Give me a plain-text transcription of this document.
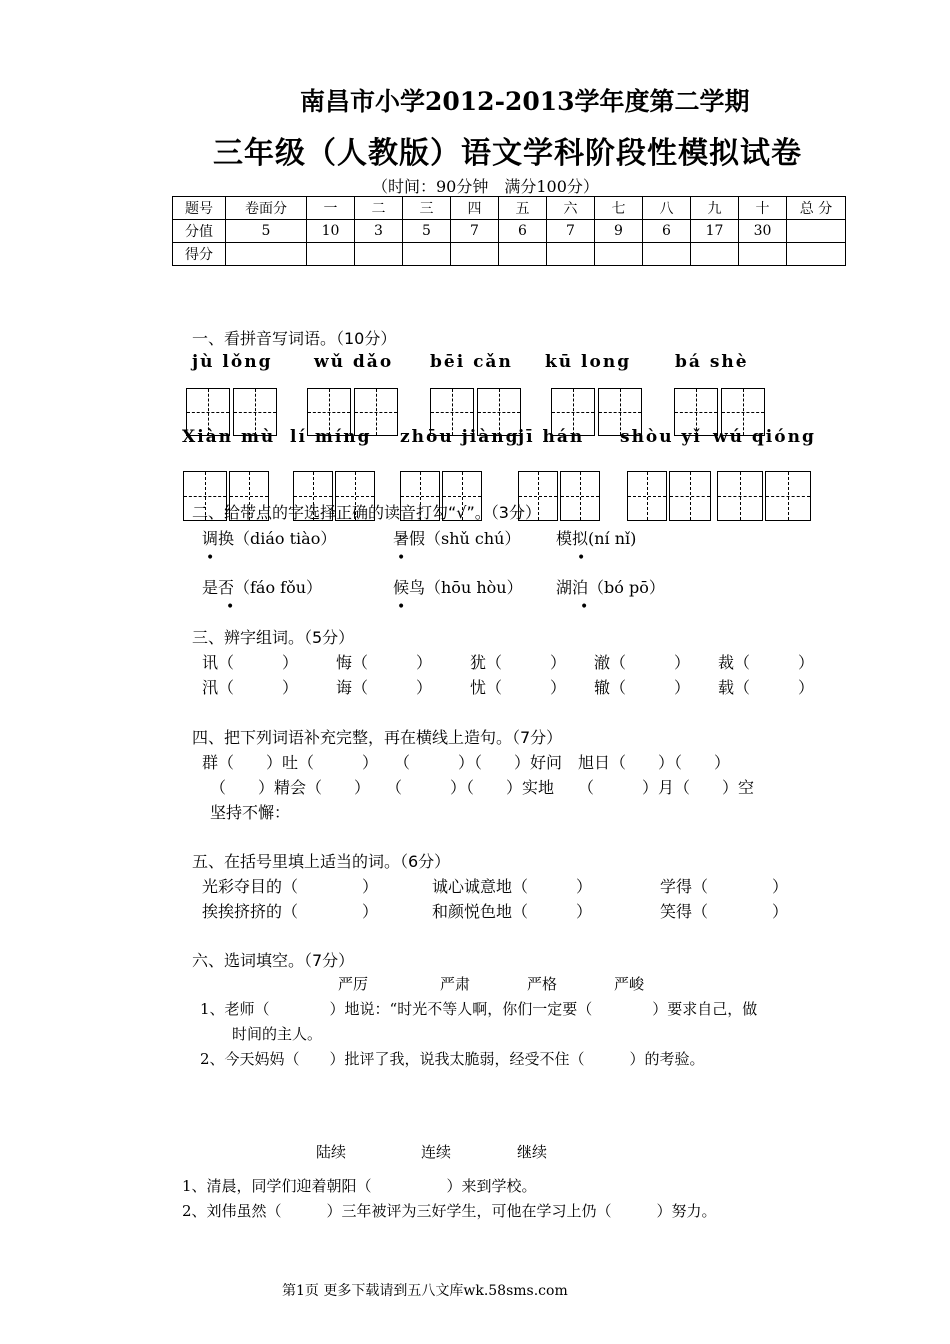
南昌市小学2012-2013学年度第二学期
三年级（人教版）语文学科阶段性模拟试卷
（时间：90分钟　满分100分）
题号	卷面分	一	二	三	四	五	六	七	八	九	十	总 分
分值	5	10	3	5	7	6	7	9	6	17	30	
得分												
一、看拼音写词语。（10分）
jù lǒng wǔ dǎo bēi cǎn kū long	bá shè
Xiàn mù lí míng zhōu jiàng
jī hán shòu yǐ wú qióng
二、给带点的字选择正确的读音打勾“√”。（3分）
调换（diáo tiào）	暑假（shǔ chú） 模拟(ní nǐ)
•	•	•
是否（fáo fǒu）	候鸟（hōu hòu） 湖泊（bó pō）
•	•	•
三、辨字组词。（5分）
讯（　　　） 悔（　　　） 犹（　　　） 澈（　　　） 裁（　　　）
汛（　　　） 诲（　　　） 忧（　　　） 辙（　　　） 载（　　　）
四、把下列词语补充完整，再在横线上造句。（7分）
群（　　）吐（　　　）　　（　　　）（　　）好问　旭日（　　）（　　）
（　　）精会（　　）　　（　　　）（　　）实地　　（　　　）月（　　）空
坚持不懈：
五、在括号里填上适当的词。（6分）
光彩夺目的（　　　　）	诚心诚意地（　　　）	学得（　　　　）
挨挨挤挤的（　　　　）	和颜悦色地（　　　）	笑得（　　　　）
六、选词填空。（7分）
严厉	严肃	严格	严峻
1、老师（　　　　）地说：“时光不等人啊，你们一定要（　　　　）要求自己，做
时间的主人。
2、今天妈妈（　　）批评了我，说我太脆弱，经受不住（　　　）的考验。
陆续	连续	继续
1、清晨，同学们迎着朝阳（　　　　　）来到学校。
2、刘伟虽然（　　　）三年被评为三好学生，可他在学习上仍（　　　）努力。
第1页 更多下载请到五八文库wk.58sms.com
